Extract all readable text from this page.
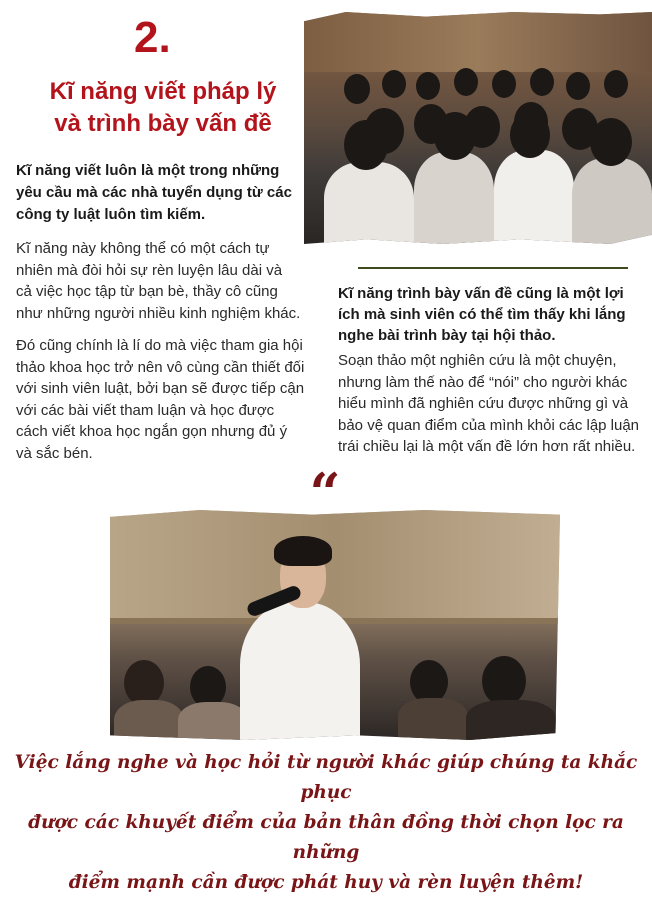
2.
Kĩ năng viết pháp lý
và trình bày vấn đề
Kĩ năng viết luôn là một trong những yêu cầu mà các nhà tuyển dụng từ các công ty luật luôn tìm kiếm.
Kĩ năng này không thể có một cách tự nhiên mà đòi hỏi sự rèn luyện lâu dài và cả việc học tập từ bạn bè, thầy cô cũng như những người nhiều kinh nghiệm khác.
Đó cũng chính là lí do mà việc tham gia hội thảo khoa học trở nên vô cùng cần thiết đối với sinh viên luật, bởi bạn sẽ được tiếp cận với các bài viết tham luận và học được cách viết khoa học ngắn gọn nhưng đủ ý và sắc bén.
Kĩ năng trình bày vấn đề cũng là một lợi ích mà sinh viên có thể tìm thấy khi lắng nghe bài trình bày tại hội thảo.
Soạn thảo một nghiên cứu là một chuyện, nhưng làm thế nào để “nói” cho người khác hiểu mình đã nghiên cứu được những gì và bảo vệ quan điểm của mình khỏi các lập luận trái chiều lại là một vấn đề lớn hơn rất nhiều.
“
Việc lắng nghe và học hỏi từ người khác giúp chúng ta khắc phục
được các khuyết điểm của bản thân đồng thời chọn lọc ra những
điểm mạnh cần được phát huy và rèn luyện thêm!
